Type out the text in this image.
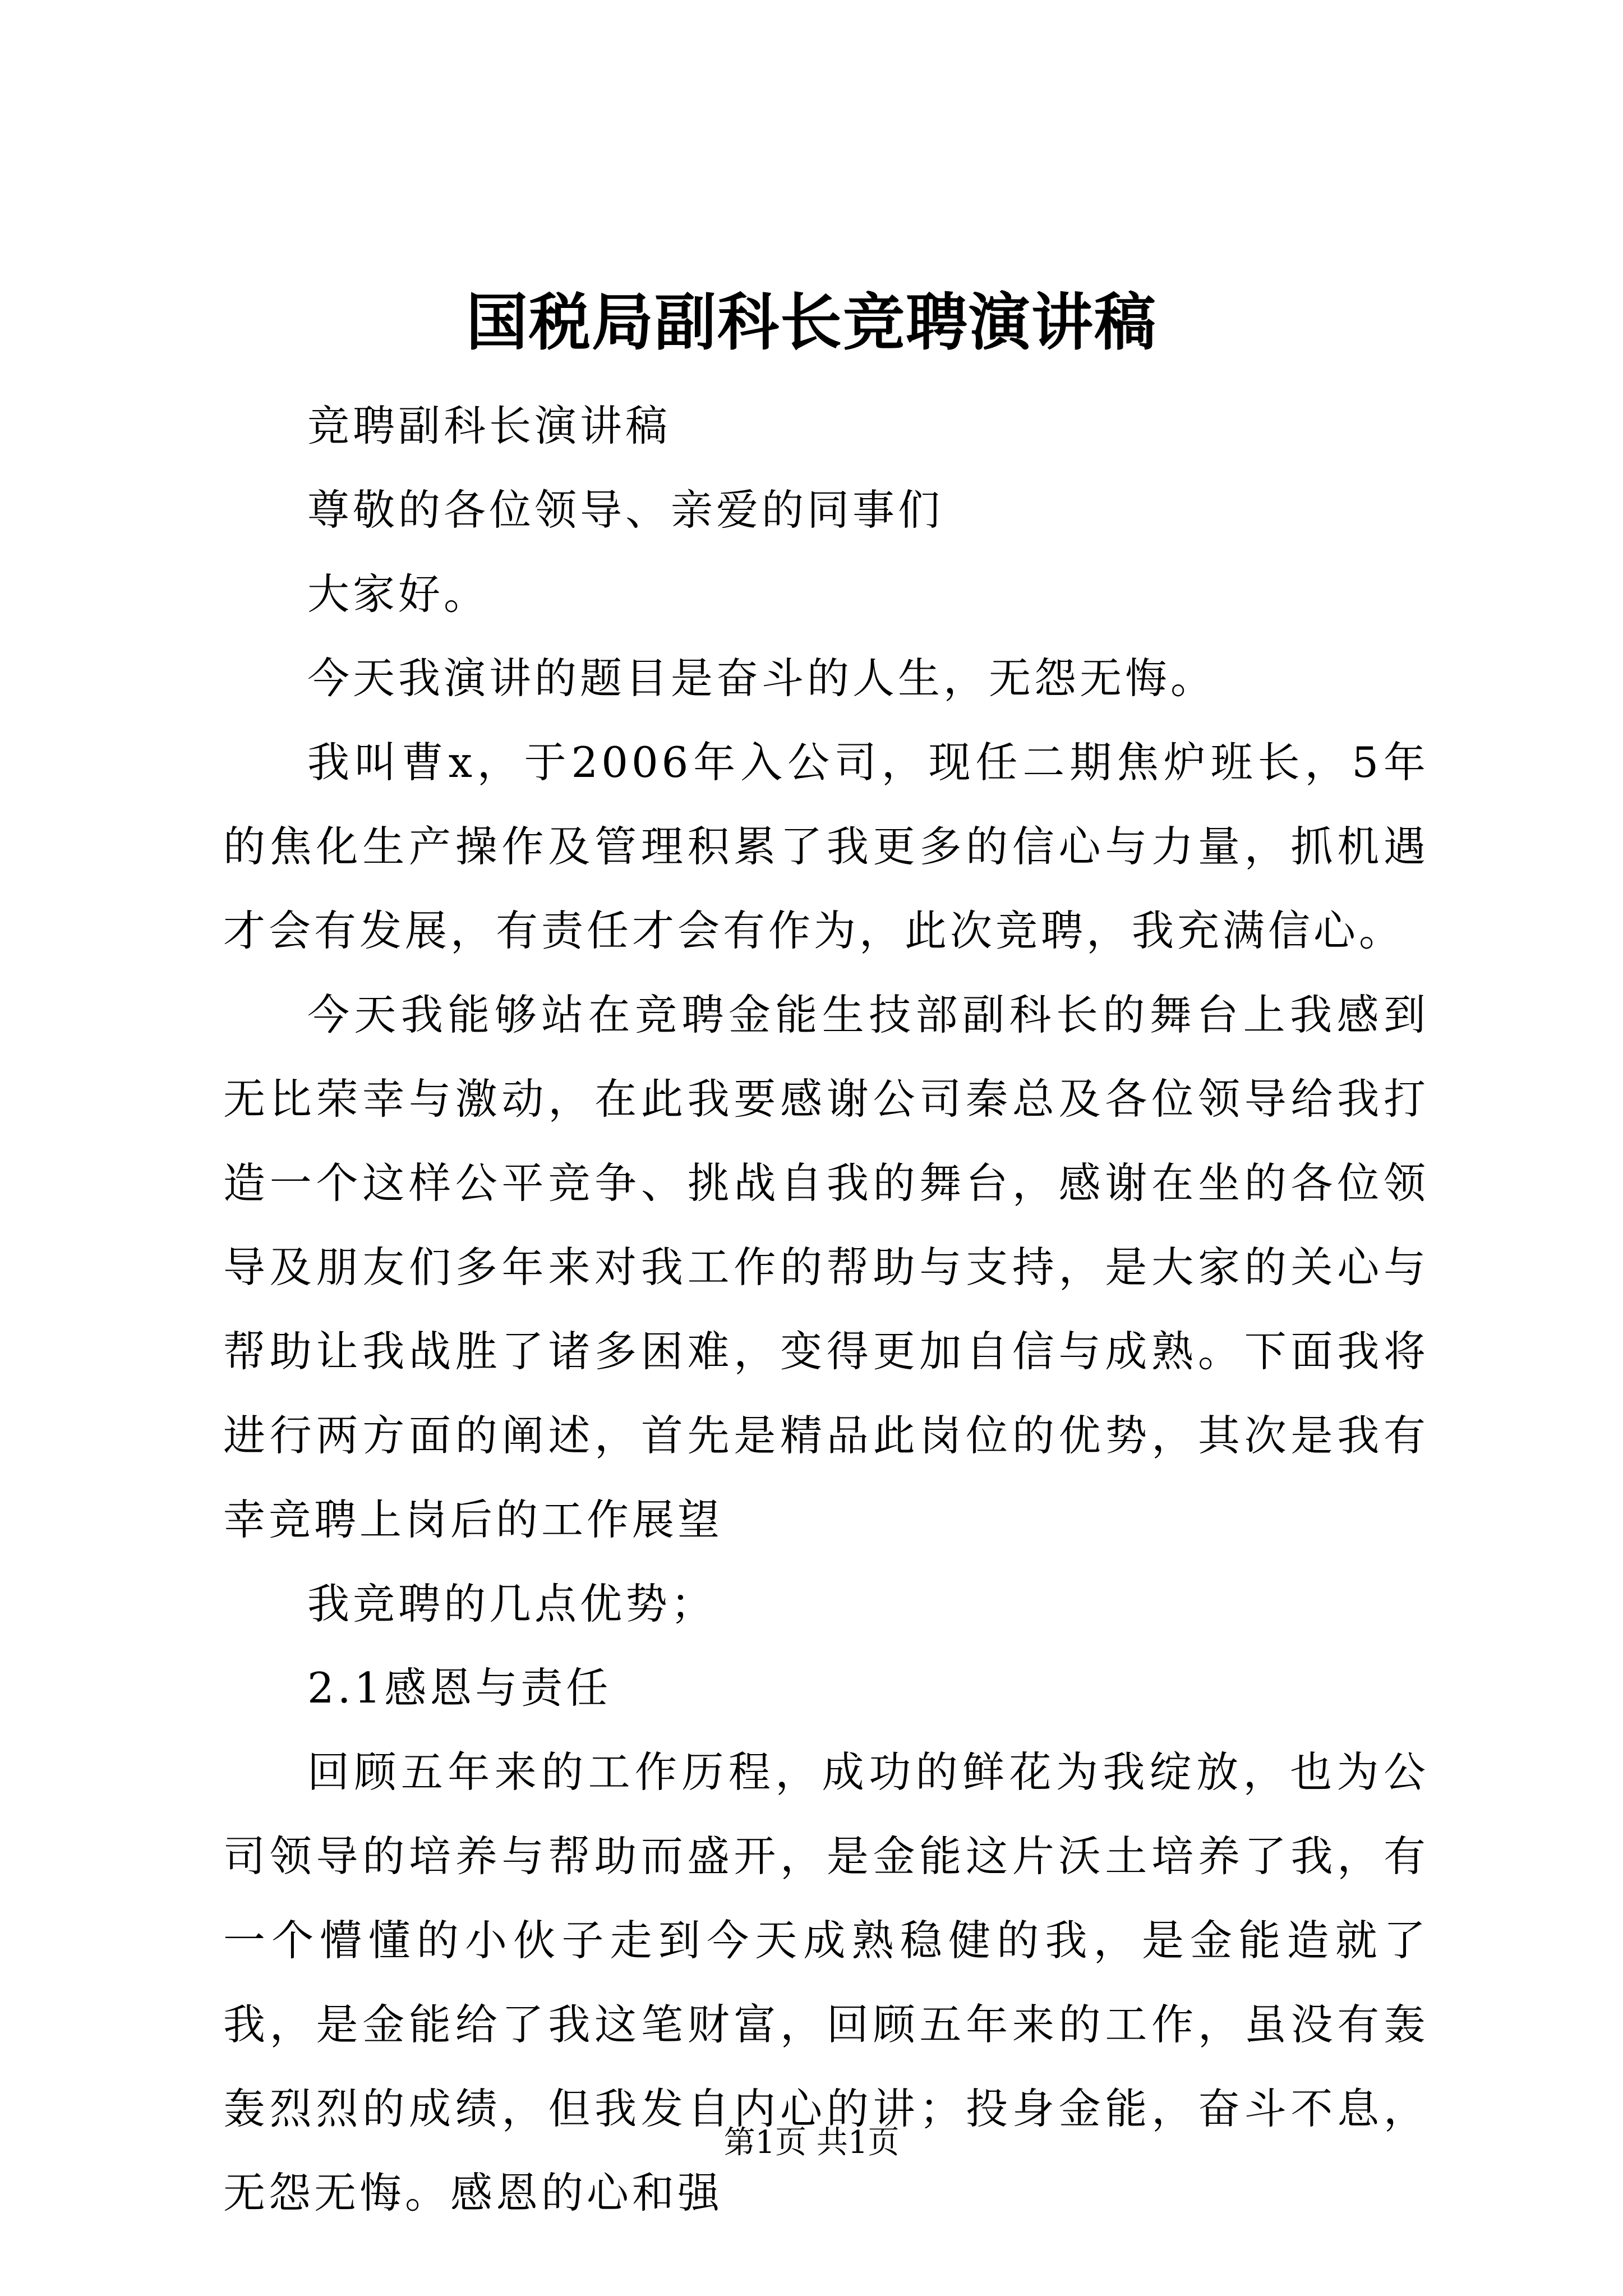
国税局副科长竞聘演讲稿

竞聘副科长演讲稿

尊敬的各位领导、亲爱的同事们

大家好。

今天我演讲的题目是奋斗的人生，无怨无悔。

我叫曹x，于2006年入公司，现任二期焦炉班长，5年的焦化生产操作及管理积累了我更多的信心与力量，抓机遇才会有发展，有责任才会有作为，此次竞聘，我充满信心。

今天我能够站在竞聘金能生技部副科长的舞台上我感到无比荣幸与激动，在此我要感谢公司秦总及各位领导给我打造一个这样公平竞争、挑战自我的舞台，感谢在坐的各位领导及朋友们多年来对我工作的帮助与支持，是大家的关心与帮助让我战胜了诸多困难，变得更加自信与成熟。下面我将进行两方面的阐述，首先是精品此岗位的优势，其次是我有幸竞聘上岗后的工作展望

我竞聘的几点优势；

2.1感恩与责任

回顾五年来的工作历程，成功的鲜花为我绽放，也为公司领导的培养与帮助而盛开，是金能这片沃土培养了我，有一个懵懂的小伙子走到今天成熟稳健的我，是金能造就了我，是金能给了我这笔财富，回顾五年来的工作，虽没有轰轰烈烈的成绩，但我发自内心的讲；投身金能，奋斗不息，无怨无悔。感恩的心和强

第1页 共1页
